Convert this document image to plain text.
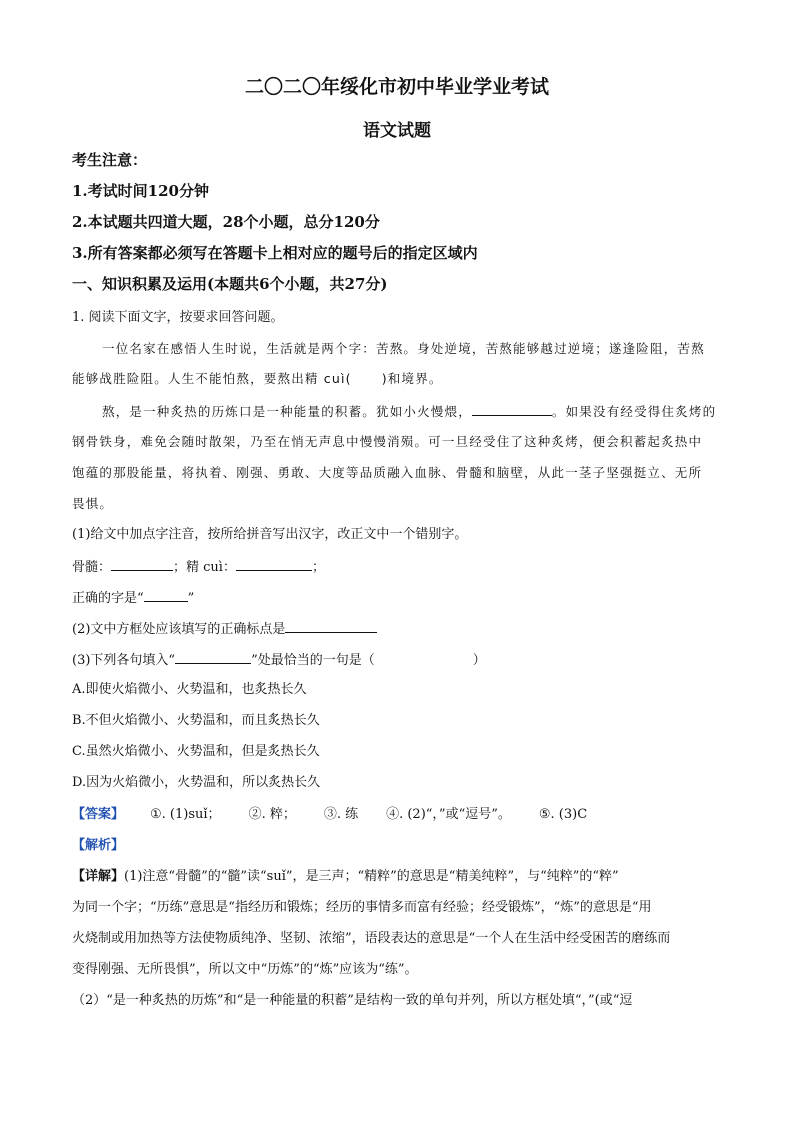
二〇二〇年绥化市初中毕业学业考试
语文试题
考生注意：
1.考试时间120分钟
2.本试题共四道大题，28个小题，总分120分
3.所有答案都必须写在答题卡上相对应的题号后的指定区域内
一、知识积累及运用(本题共6个小题，共27分)
1. 阅读下面文字，按要求回答问题。
一位名家在感悟人生时说，生活就是两个字：苦熬。身处逆境，苦熬能够越过逆境；遂逢险阻，苦熬
能够战胜险阻。人生不能怕熬，要熬出精 cuì( )和境界。
熬，是一种炙热的历炼口是一种能量的积蓄。犹如小火慢煨，	。如果没有经受得住炙烤的
钢骨铁身，难免会随时散架，乃至在悄无声息中慢慢消殒。可一旦经受住了这种炙烤，便会积蓄起炙热中
饱蕴的那股能量，将执着、刚强、勇敢、大度等品质融入血脉、骨髓和脑壁，从此一茎子坚强挺立、无所
畏惧。
(1)给文中加点字注音，按所给拼音写出汉字，改正文中一个错别字。
骨髓：	；精 cuì：	；
正确的字是“	”
(2)文中方框处应该填写的正确标点是
(3)下列各句填入“	”处最恰当的一句是（	）
A.即使火焰微小、火势温和，也炙热长久
B.不但火焰微小、火势温和，而且炙热长久
C.虽然火焰微小、火势温和，但是炙热长久
D.因为火焰微小，火势温和，所以炙热长久
【答案】 ①. (1)suǐ； ②. 粹； ③. 练 ④. (2)“，”或“逗号”。 ⑤. (3)C
【解析】
【详解】(1)注意“骨髓”的“髓”读“suǐ”，是三声；“精粹”的意思是“精美纯粹”，与“纯粹”的“粹”
为同一个字；“历练”意思是“指经历和锻炼；经历的事情多而富有经验；经受锻炼”，“炼”的意思是“用
火烧制或用加热等方法使物质纯净、坚韧、浓缩”，语段表达的意思是“一个人在生活中经受困苦的磨练而
变得刚强、无所畏惧”，所以文中“历炼”的“炼”应该为“练”。
（2）“是一种炙热的历炼”和“是一种能量的积蓄”是结构一致的单句并列，所以方框处填“，”(或“逗
